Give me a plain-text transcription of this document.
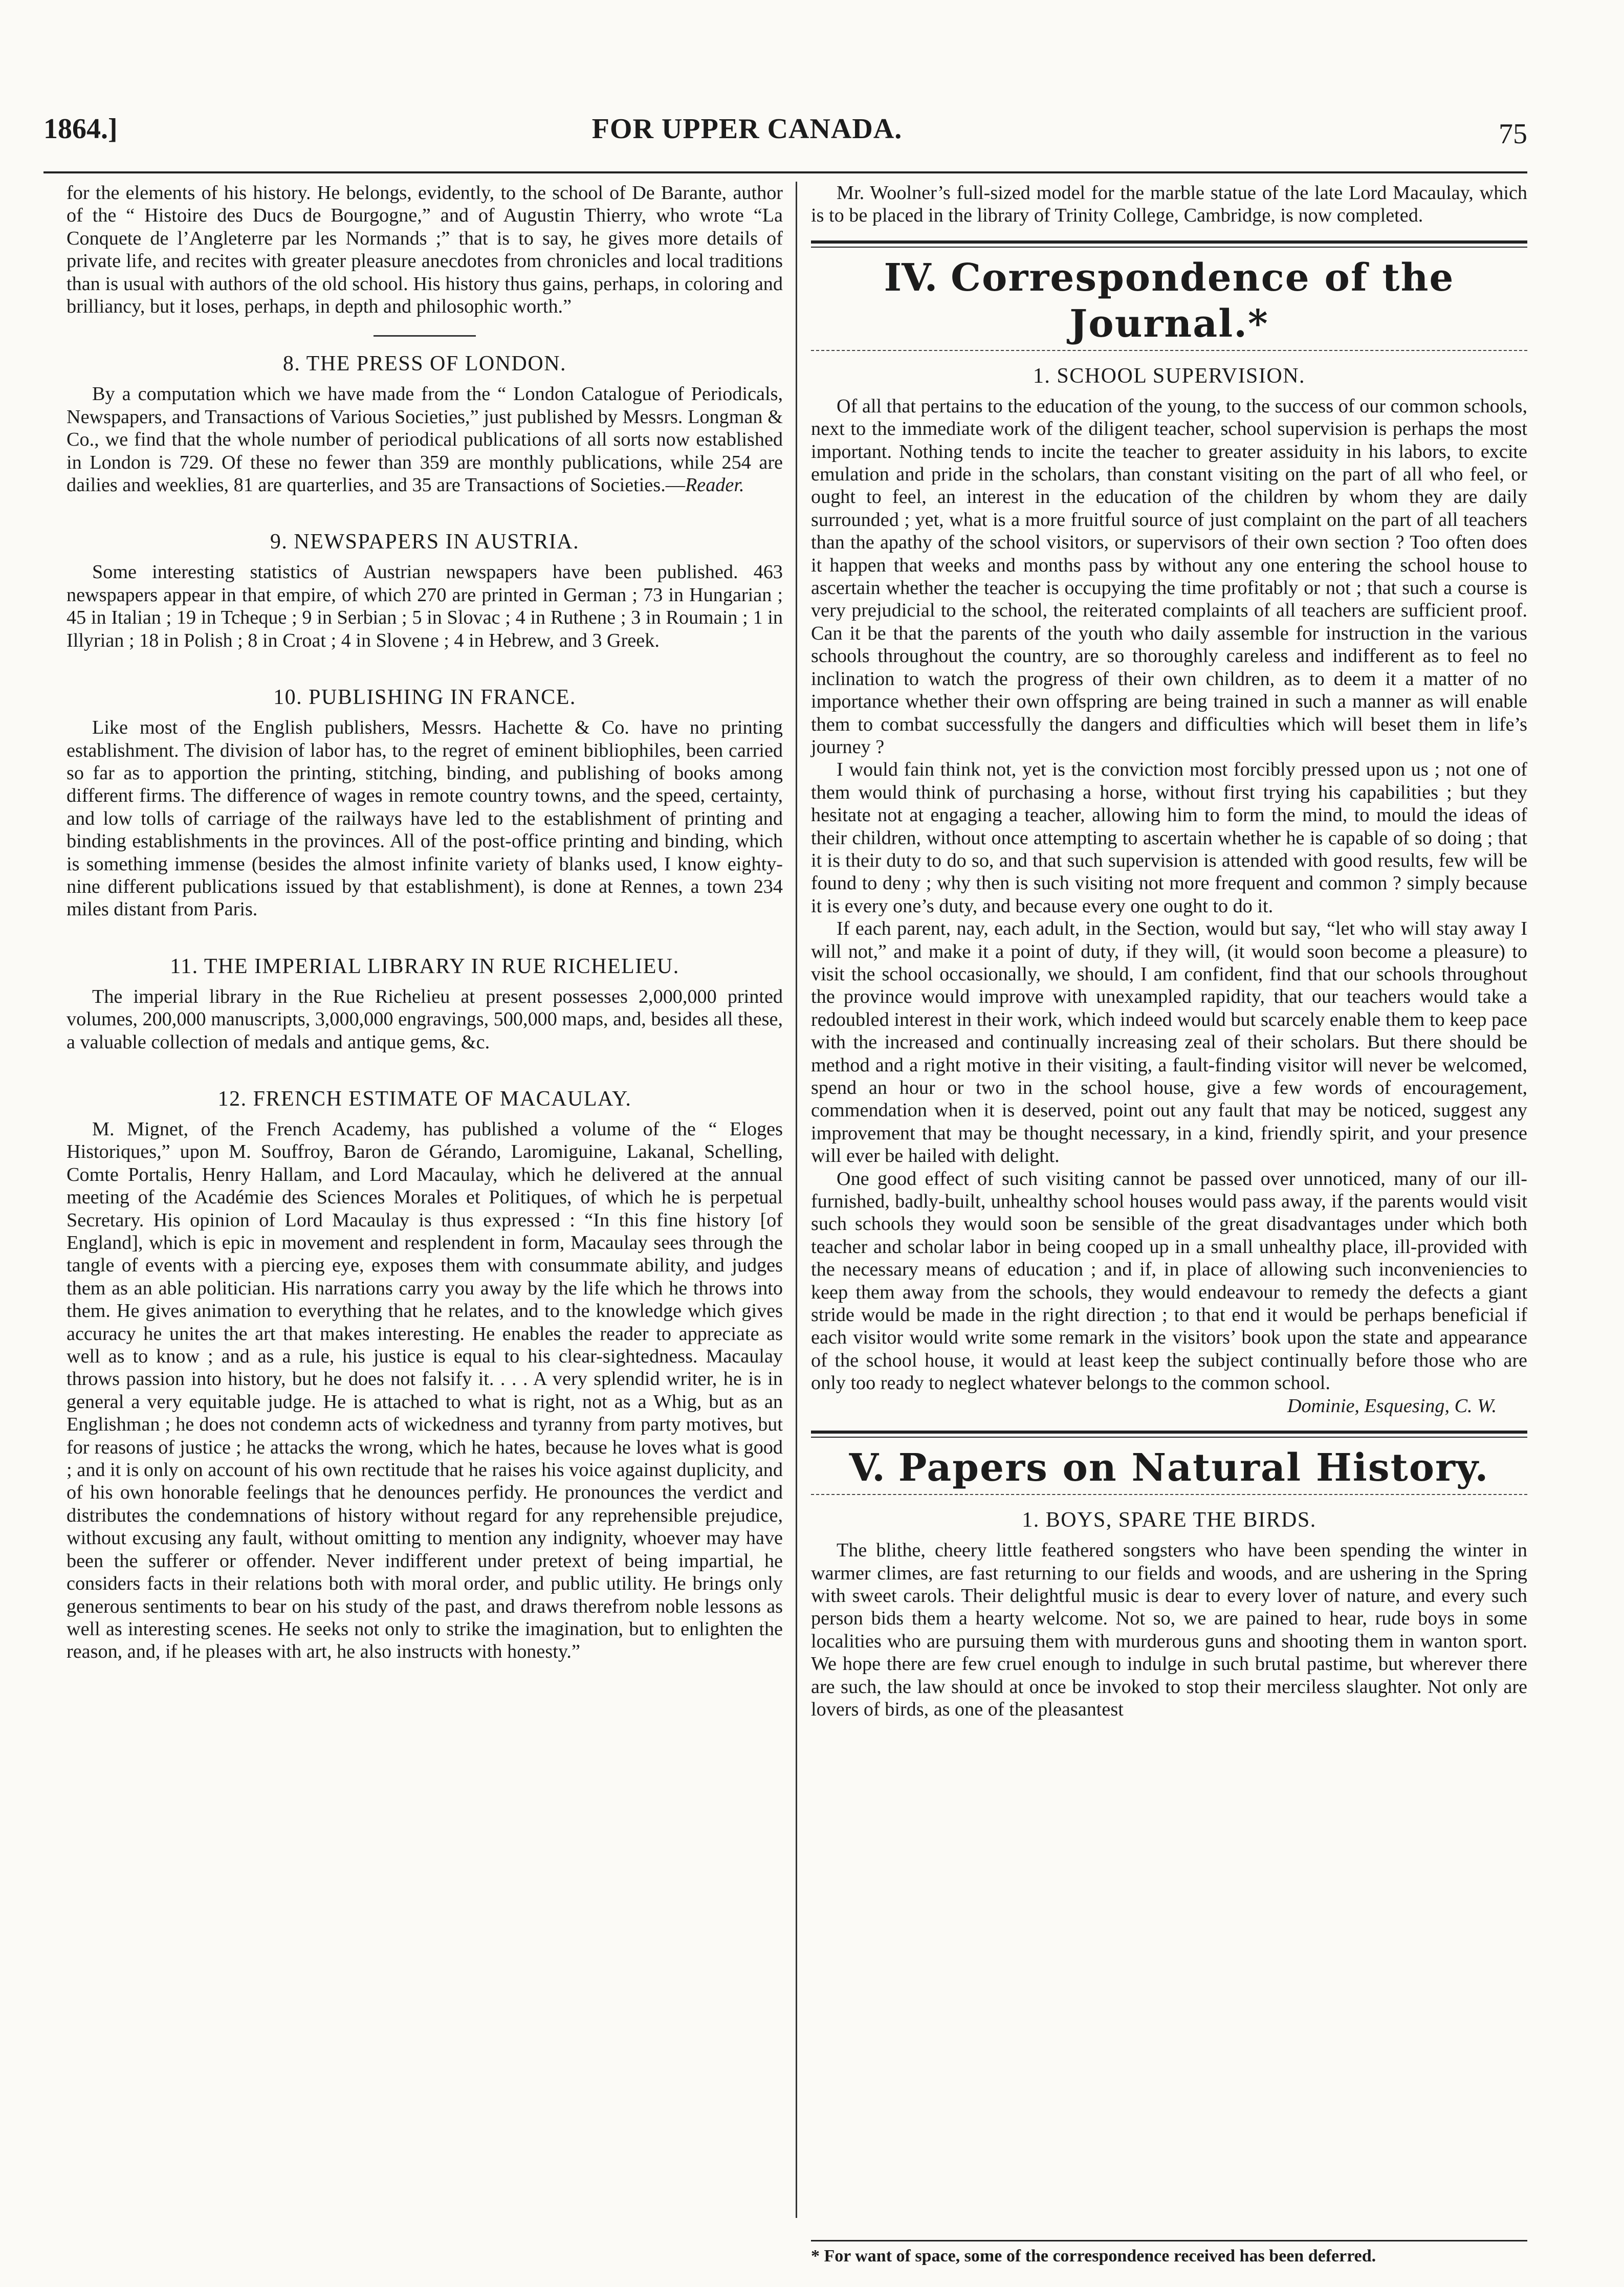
1864.]	FOR UPPER CANADA.	75

for the elements of his history. He belongs, evidently, to the school of De Barante, author of the “ Histoire des Ducs de Bourgogne,” and of Augustin Thierry, who wrote “La Conquete de l’Angleterre par les Normands ;” that is to say, he gives more details of private life, and recites with greater pleasure anecdotes from chronicles and local traditions than is usual with authors of the old school. His history thus gains, perhaps, in coloring and brilliancy, but it loses, perhaps, in depth and philosophic worth.”

8. THE PRESS OF LONDON.

By a computation which we have made from the “ London Catalogue of Periodicals, Newspapers, and Transactions of Various Societies,” just published by Messrs. Longman & Co., we find that the whole number of periodical publications of all sorts now established in London is 729. Of these no fewer than 359 are monthly publications, while 254 are dailies and weeklies, 81 are quarterlies, and 35 are Transactions of Societies.—Reader.

9. NEWSPAPERS IN AUSTRIA.

Some interesting statistics of Austrian newspapers have been published. 463 newspapers appear in that empire, of which 270 are printed in German ; 73 in Hungarian ; 45 in Italian ; 19 in Tcheque ; 9 in Serbian ; 5 in Slovac ; 4 in Ruthene ; 3 in Roumain ; 1 in Illyrian ; 18 in Polish ; 8 in Croat ; 4 in Slovene ; 4 in Hebrew, and 3 Greek.

10. PUBLISHING IN FRANCE.

Like most of the English publishers, Messrs. Hachette & Co. have no printing establishment. The division of labor has, to the regret of eminent bibliophiles, been carried so far as to apportion the printing, stitching, binding, and publishing of books among different firms. The difference of wages in remote country towns, and the speed, certainty, and low tolls of carriage of the railways have led to the establishment of printing and binding establishments in the provinces. All of the post-office printing and binding, which is something immense (besides the almost infinite variety of blanks used, I know eighty-nine different publications issued by that establishment), is done at Rennes, a town 234 miles distant from Paris.

11. THE IMPERIAL LIBRARY IN RUE RICHELIEU.

The imperial library in the Rue Richelieu at present possesses 2,000,000 printed volumes, 200,000 manuscripts, 3,000,000 engravings, 500,000 maps, and, besides all these, a valuable collection of medals and antique gems, &c.

12. FRENCH ESTIMATE OF MACAULAY.

M. Mignet, of the French Academy, has published a volume of the “ Eloges Historiques,” upon M. Souffroy, Baron de Gérando, Laromiguine, Lakanal, Schelling, Comte Portalis, Henry Hallam, and Lord Macaulay, which he delivered at the annual meeting of the Académie des Sciences Morales et Politiques, of which he is perpetual Secretary. His opinion of Lord Macaulay is thus expressed : “In this fine history [of England], which is epic in movement and resplendent in form, Macaulay sees through the tangle of events with a piercing eye, exposes them with consummate ability, and judges them as an able politician. His narrations carry you away by the life which he throws into them. He gives animation to everything that he relates, and to the knowledge which gives accuracy he unites the art that makes interesting. He enables the reader to appreciate as well as to know ; and as a rule, his justice is equal to his clear-sightedness. Macaulay throws passion into history, but he does not falsify it. . . . A very splendid writer, he is in general a very equitable judge. He is attached to what is right, not as a Whig, but as an Englishman ; he does not condemn acts of wickedness and tyranny from party motives, but for reasons of justice ; he attacks the wrong, which he hates, because he loves what is good ; and it is only on account of his own rectitude that he raises his voice against duplicity, and of his own honorable feelings that he denounces perfidy. He pronounces the verdict and distributes the condemnations of history without regard for any reprehensible prejudice, without excusing any fault, without omitting to mention any indignity, whoever may have been the sufferer or offender. Never indifferent under pretext of being impartial, he considers facts in their relations both with moral order, and public utility. He brings only generous sentiments to bear on his study of the past, and draws therefrom noble lessons as well as interesting scenes. He seeks not only to strike the imagination, but to enlighten the reason, and, if he pleases with art, he also instructs with honesty.”

Mr. Woolner’s full-sized model for the marble statue of the late Lord Macaulay, which is to be placed in the library of Trinity College, Cambridge, is now completed.

IV. Correspondence of the Journal.*
1. SCHOOL SUPERVISION.

Of all that pertains to the education of the young, to the success of our common schools, next to the immediate work of the diligent teacher, school supervision is perhaps the most important. Nothing tends to incite the teacher to greater assiduity in his labors, to excite emulation and pride in the scholars, than constant visiting on the part of all who feel, or ought to feel, an interest in the education of the children by whom they are daily surrounded ; yet, what is a more fruitful source of just complaint on the part of all teachers than the apathy of the school visitors, or supervisors of their own section ? Too often does it happen that weeks and months pass by without any one entering the school house to ascertain whether the teacher is occupying the time profitably or not ; that such a course is very prejudicial to the school, the reiterated complaints of all teachers are sufficient proof. Can it be that the parents of the youth who daily assemble for instruction in the various schools throughout the country, are so thoroughly careless and indifferent as to feel no inclination to watch the progress of their own children, as to deem it a matter of no importance whether their own offspring are being trained in such a manner as will enable them to combat successfully the dangers and difficulties which will beset them in life’s journey ?

I would fain think not, yet is the conviction most forcibly pressed upon us ; not one of them would think of purchasing a horse, without first trying his capabilities ; but they hesitate not at engaging a teacher, allowing him to form the mind, to mould the ideas of their children, without once attempting to ascertain whether he is capable of so doing ; that it is their duty to do so, and that such supervision is attended with good results, few will be found to deny ; why then is such visiting not more frequent and common ? simply because it is every one’s duty, and because every one ought to do it.

If each parent, nay, each adult, in the Section, would but say, “let who will stay away I will not,” and make it a point of duty, if they will, (it would soon become a pleasure) to visit the school occasionally, we should, I am confident, find that our schools throughout the province would improve with unexampled rapidity, that our teachers would take a redoubled interest in their work, which indeed would but scarcely enable them to keep pace with the increased and continually increasing zeal of their scholars. But there should be method and a right motive in their visiting, a fault-finding visitor will never be welcomed, spend an hour or two in the school house, give a few words of encouragement, commendation when it is deserved, point out any fault that may be noticed, suggest any improvement that may be thought necessary, in a kind, friendly spirit, and your presence will ever be hailed with delight.

One good effect of such visiting cannot be passed over unnoticed, many of our ill-furnished, badly-built, unhealthy school houses would pass away, if the parents would visit such schools they would soon be sensible of the great disadvantages under which both teacher and scholar labor in being cooped up in a small unhealthy place, ill-provided with the necessary means of education ; and if, in place of allowing such inconveniencies to keep them away from the schools, they would endeavour to remedy the defects a giant stride would be made in the right direction ; to that end it would be perhaps beneficial if each visitor would write some remark in the visitors’ book upon the state and appearance of the school house, it would at least keep the subject continually before those who are only too ready to neglect whatever belongs to the common school.

Dominie, Esquesing, C. W.

V. Papers on Natural History.
1. BOYS, SPARE THE BIRDS.

The blithe, cheery little feathered songsters who have been spending the winter in warmer climes, are fast returning to our fields and woods, and are ushering in the Spring with sweet carols. Their delightful music is dear to every lover of nature, and every such person bids them a hearty welcome. Not so, we are pained to hear, rude boys in some localities who are pursuing them with murderous guns and shooting them in wanton sport. We hope there are few cruel enough to indulge in such brutal pastime, but wherever there are such, the law should at once be invoked to stop their merciless slaughter. Not only are lovers of birds, as one of the pleasantest

* For want of space, some of the correspondence received has been deferred.
